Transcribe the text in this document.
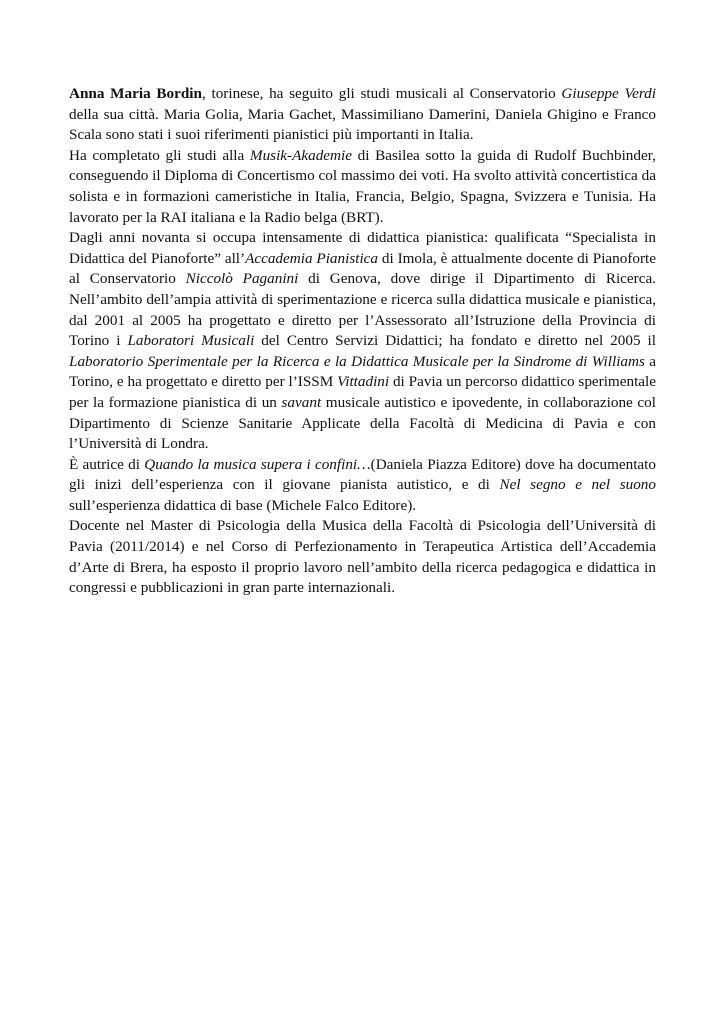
Anna Maria Bordin, torinese, ha seguito gli studi musicali al Conservatorio Giuseppe Verdi della sua città. Maria Golia, Maria Gachet, Massimiliano Damerini, Daniela Ghigino e Franco Scala sono stati i suoi riferimenti pianistici più importanti in Italia.

Ha completato gli studi alla Musik-Akademie di Basilea sotto la guida di Rudolf Buchbinder, conseguendo il Diploma di Concertismo col massimo dei voti. Ha svolto attività concertistica da solista e in formazioni cameristiche in Italia, Francia, Belgio, Spagna, Svizzera e Tunisia. Ha lavorato per la RAI italiana e la Radio belga (BRT).

Dagli anni novanta si occupa intensamente di didattica pianistica: qualificata “Specialista in Didattica del Pianoforte” all’Accademia Pianistica di Imola, è attualmente docente di Pianoforte al Conservatorio Niccolò Paganini di Genova, dove dirige il Dipartimento di Ricerca. Nell’ambito dell’ampia attività di sperimentazione e ricerca sulla didattica musicale e pianistica, dal 2001 al 2005 ha progettato e diretto per l’Assessorato all’Istruzione della Provincia di Torino i Laboratori Musicali del Centro Servizi Didattici; ha fondato e diretto nel 2005 il Laboratorio Sperimentale per la Ricerca e la Didattica Musicale per la Sindrome di Williams a Torino, e ha progettato e diretto per l’ISSM Vittadini di Pavia un percorso didattico sperimentale per la formazione pianistica di un savant musicale autistico e ipovedente, in collaborazione col Dipartimento di Scienze Sanitarie Applicate della Facoltà di Medicina di Pavia e con l’Università di Londra.

È autrice di Quando la musica supera i confini…(Daniela Piazza Editore) dove ha documentato gli inizi dell’esperienza con il giovane pianista autistico, e di Nel segno e nel suono sull’esperienza didattica di base (Michele Falco Editore).

Docente nel Master di Psicologia della Musica della Facoltà di Psicologia dell’Università di Pavia (2011/2014) e nel Corso di Perfezionamento in Terapeutica Artistica dell’Accademia d’Arte di Brera, ha esposto il proprio lavoro nell’ambito della ricerca pedagogica e didattica in congressi e pubblicazioni in gran parte internazionali.
